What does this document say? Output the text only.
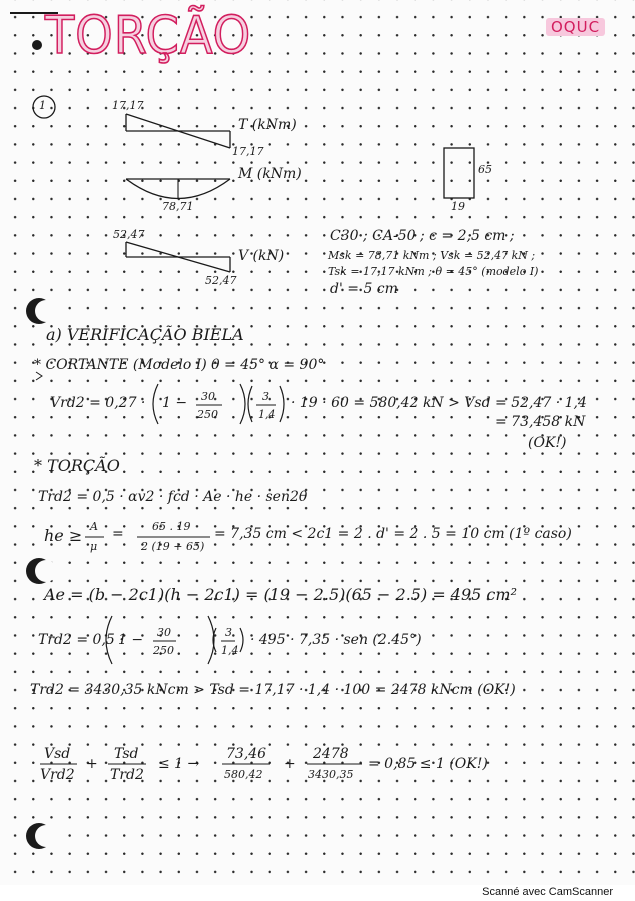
TORÇÃO	OQUC
17,17
17,17
T (kNm)
78,71
M (kNm)
52,47
52,47
V (kN)
65
19
1
C30 ; CA-50 ; c = 2,5 cm ;
Msk = 78,71 kNm ; Vsk = 52,47 kN ;
Tsk = 17,17 kNm ; θ = 45° (modelo I)
d' = 5 cm
a) VERIFICAÇÃO BIELA
* CORTANTE (Modelo I) θ = 45° α = 90°
Vrd2 = 0,27 · 1 − 30
250
3
1,4
· 19 · 60 = 580,42 kN > Vsd = 52,47 · 1,4
= 73,458 kN
(OK!)
* TORÇÃO
Trd2 = 0,5 · αv2 · fcd · Ae · he · sen2θ
he ≥ A
μ
=	65 . 19
2 (19 + 65)
= 7,35 cm < 2c1 = 2 . d' = 2 . 5 = 10 cm (1º caso)
Ae = (b − 2c1)(h − 2c1) = (19 − 2.5)(65 − 2.5) = 495 cm²
Trd2 = 0,5 ·
1 − 30
250
3
1,4
· 495 · 7,35 · sen (2.45°)
Trd2 = 3430,35 kNcm > Tsd = 17,17 · 1,4 · 100 = 2478 kNcm (OK!)
Vsd
Vrd2
+
Tsd
Trd2
≤ 1 →
73,46
580,42
+
2478
3430,35
= 0,85 ≤ 1 (OK!)
Scanné avec CamScanner
